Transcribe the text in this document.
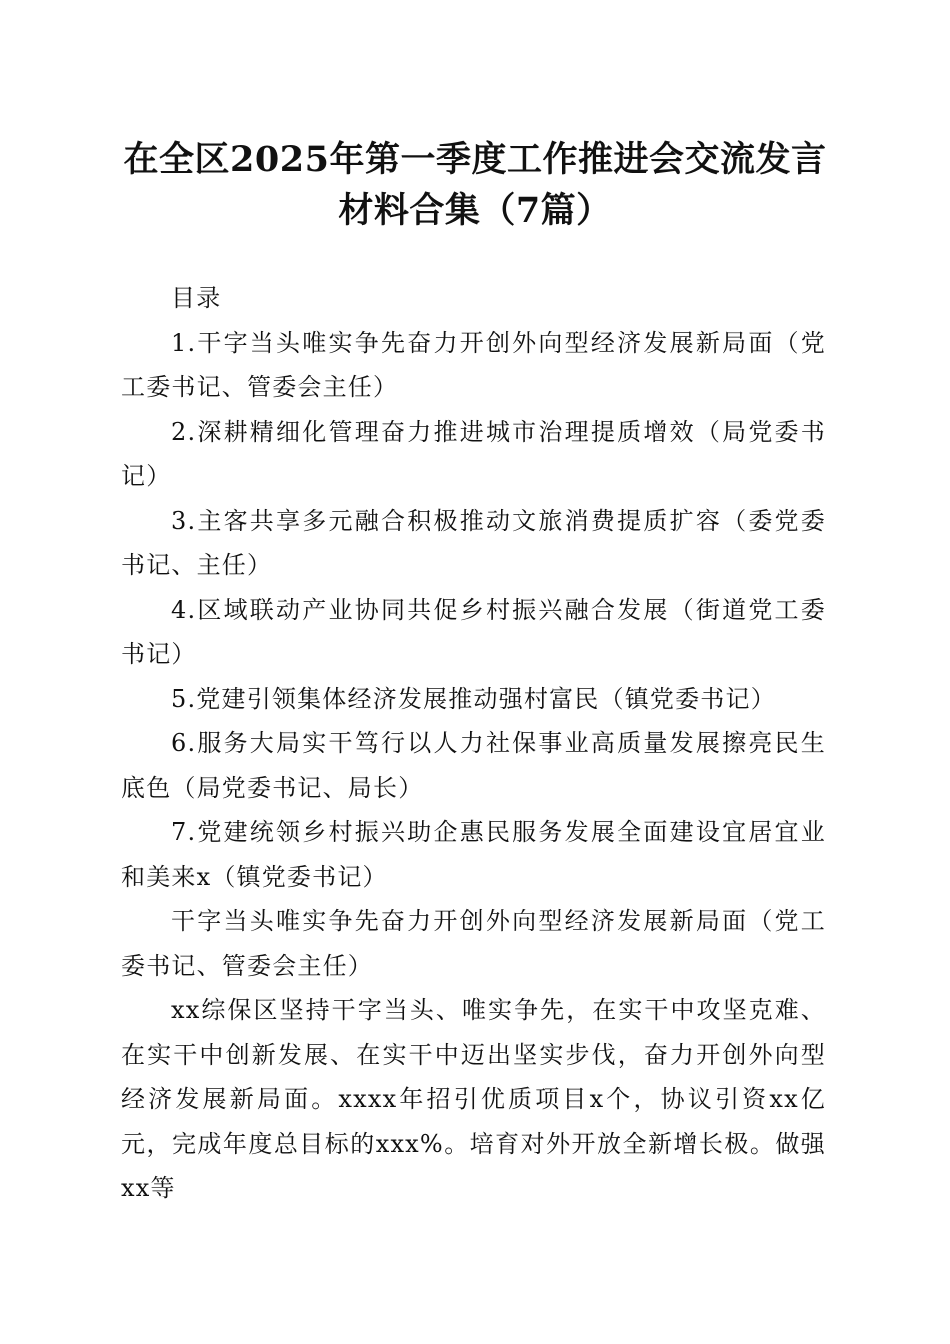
在全区2025年第一季度工作推进会交流发言
材料合集（7篇）

目录

1.干字当头唯实争先奋力开创外向型经济发展新局面（党工委书记、管委会主任）

2.深耕精细化管理奋力推进城市治理提质增效（局党委书记）

3.主客共享多元融合积极推动文旅消费提质扩容（委党委书记、主任）

4.区域联动产业协同共促乡村振兴融合发展（街道党工委书记）

5.党建引领集体经济发展推动强村富民（镇党委书记）

6.服务大局实干笃行以人力社保事业高质量发展擦亮民生底色（局党委书记、局长）

7.党建统领乡村振兴助企惠民服务发展全面建设宜居宜业和美来x（镇党委书记）

干字当头唯实争先奋力开创外向型经济发展新局面（党工委书记、管委会主任）

xx综保区坚持干字当头、唯实争先，在实干中攻坚克难、在实干中创新发展、在实干中迈出坚实步伐，奋力开创外向型经济发展新局面。xxxx年招引优质项目x个，协议引资xx亿元，完成年度总目标的xxx%。培育对外开放全新增长极。做强xx等
